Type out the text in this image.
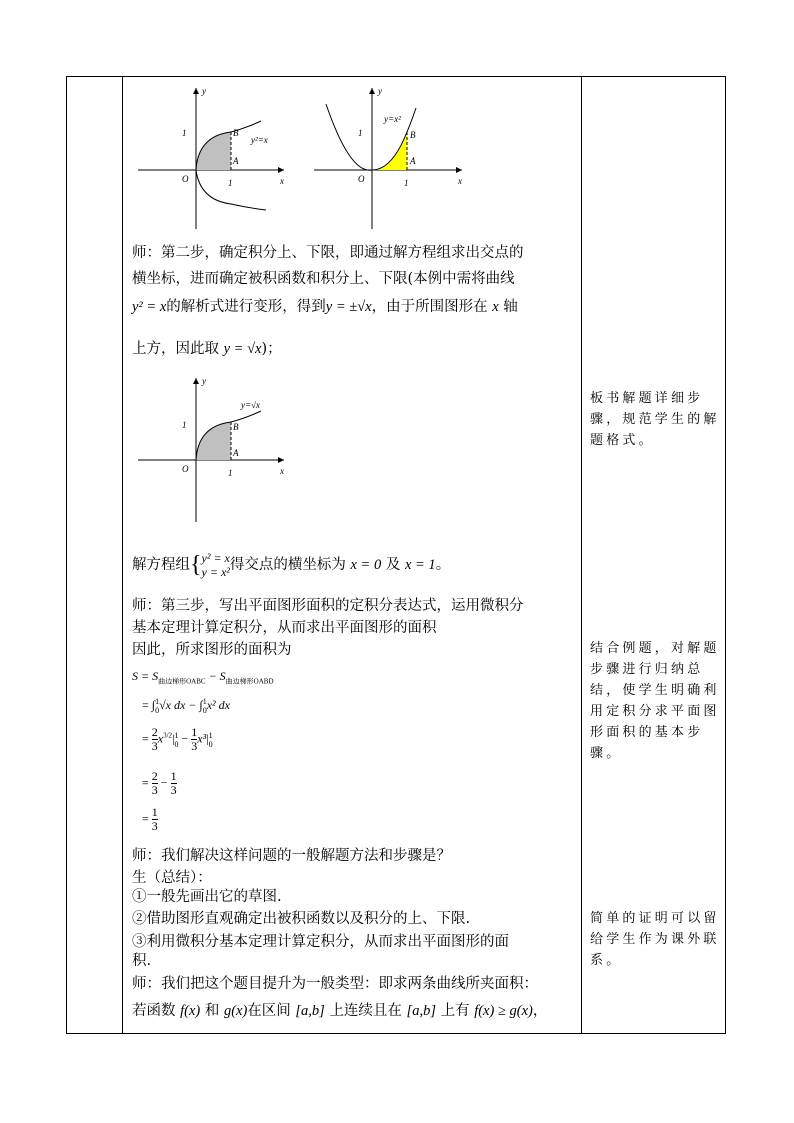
y
x
1
1
O
B
A
y²=x
y
x
1
1
O
B
A
y=x²
师：第二步，确定积分上、下限，即通过解方程组求出交点的
横坐标，进而确定被积函数和积分上、下限(本例中需将曲线
y² = x的解析式进行变形，得到y = ±√x，由于所围图形在 x 轴
上方，因此取 y = √x)；
y
x
1
1
O
B
A
y=√x
解方程组{ y² = x
y = x² 得交点的横坐标为 x = 0 及 x = 1。
师：第三步，写出平面图形面积的定积分表达式，运用微积分
基本定理计算定积分，从而求出平面图形的面积
因此，所求图形的面积为
$S = S_{曲边梯形OABC} - S_{曲边梯形OABD}$
= ∫ 1
0 √x dx − ∫ 1
0 x² dx
= $\frac{2}{3} x^{3/2}|$ 1
$0 - \frac{1}{3} x^3|$ 1
0
= $\frac{2}{3} - \frac{1}{3}$
= $\frac{1}{3}$
师：我们解决这样问题的一般解题方法和步骤是？
生（总结）：
①一般先画出它的草图.
②借助图形直观确定出被积函数以及积分的上、下限.
③利用微积分基本定理计算定积分，从而求出平面图形的面
积.
师：我们把这个题目提升为一般类型：即求两条曲线所夹面积：
若函数 f(x) 和 g(x)在区间 [a,b] 上连续且在 [a,b] 上有 f(x) ≥ g(x)，
板书解题详细步骤，规范学生的解题格式。
结合例题，对解题步骤进行归纳总结，使学生明确利用定积分求平面图形面积的基本步骤。
简单的证明可以留给学生作为课外联系。
